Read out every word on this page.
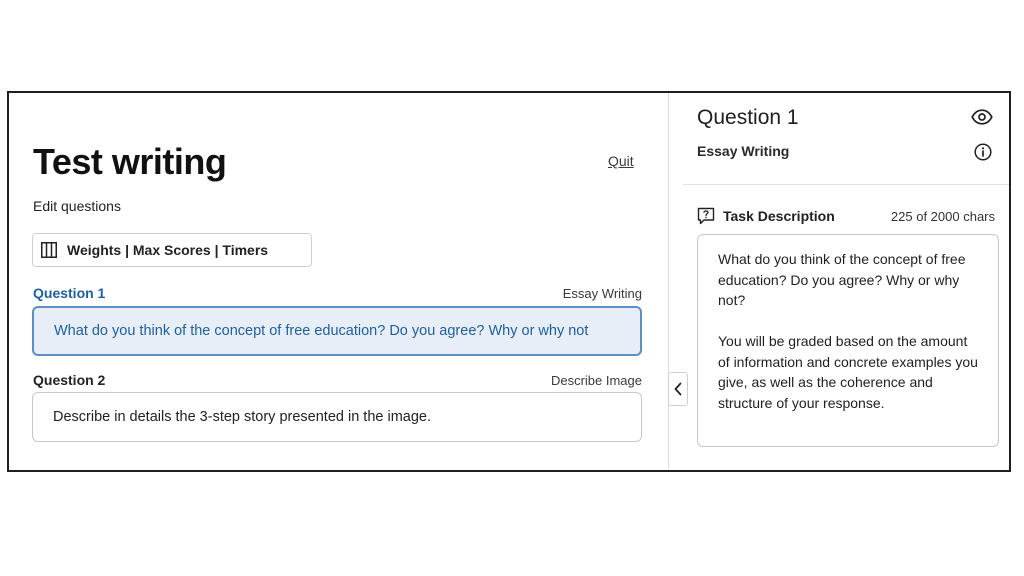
Test writing	Quit
Edit questions
Weights | Max Scores | Timers
Question 1	Essay Writing
What do you think of the concept of free education? Do you agree? Why or why not
Question 2	Describe Image
Describe in details the 3-step story presented in the image.
Question 1
Essay Writing
Task Description	225 of 2000 chars

What do you think of the concept of free education? Do you agree? Why or why not?

You will be graded based on the amount of information and concrete examples you give, as well as the coherence and structure of your response.
